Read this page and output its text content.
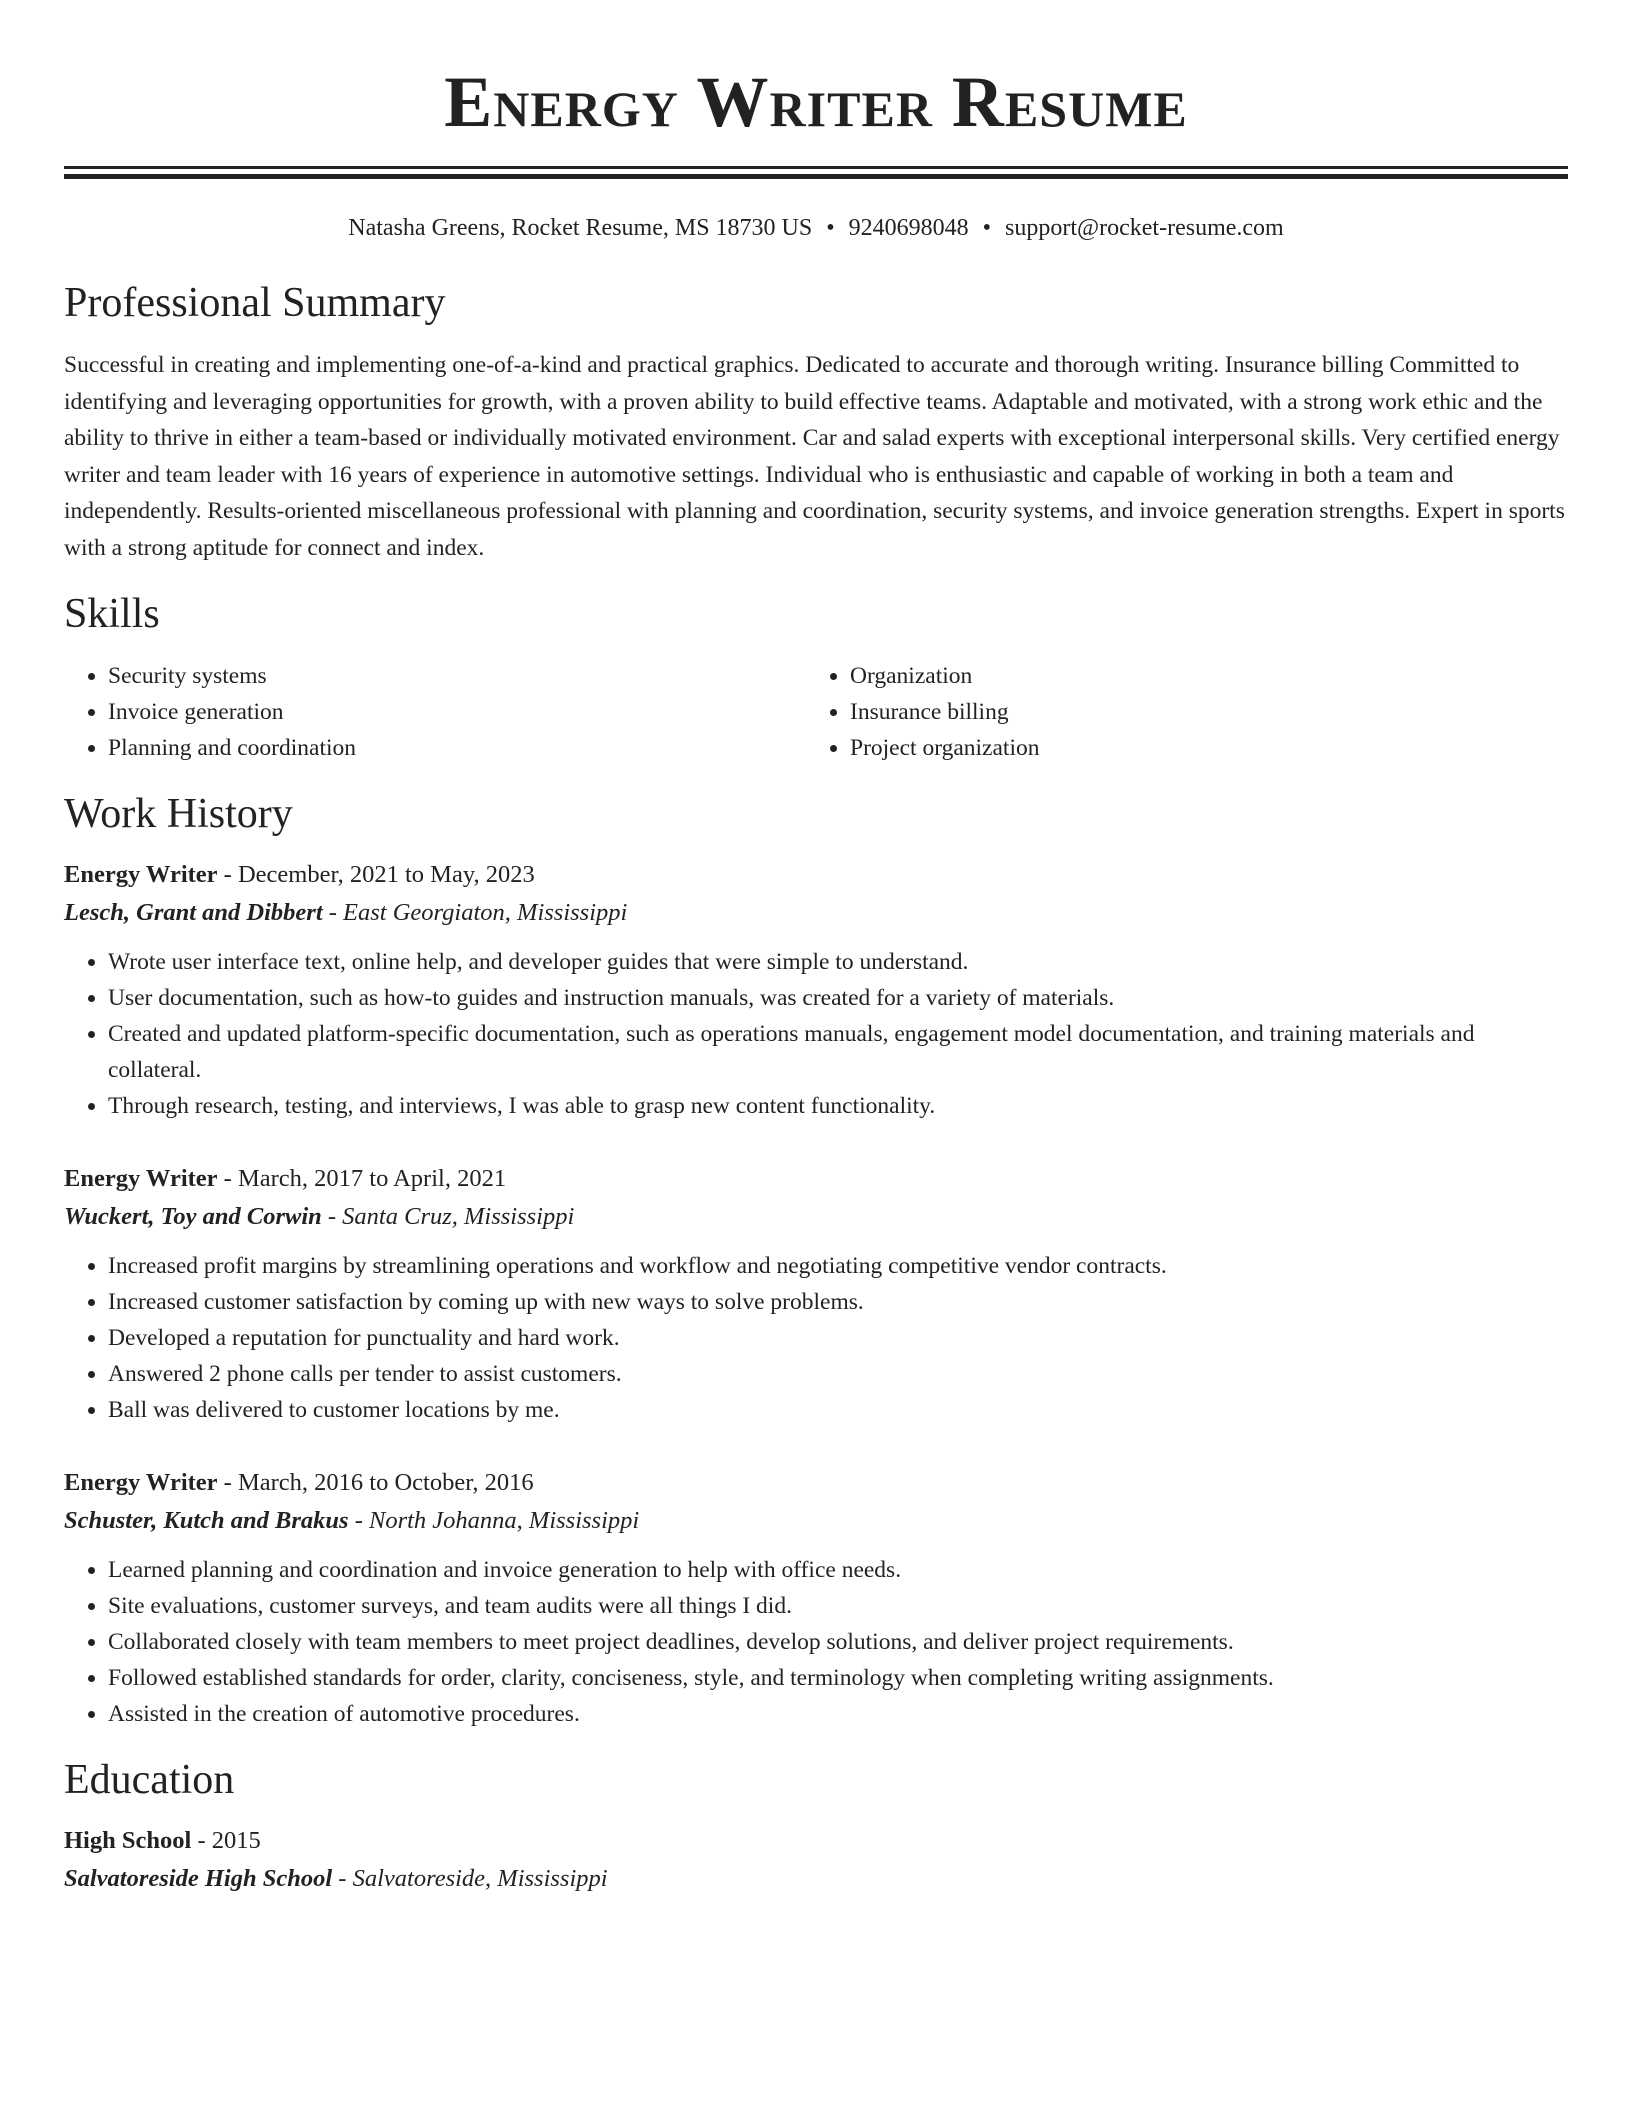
Energy Writer Resume
Natasha Greens, Rocket Resume, MS 18730 US • 9240698048 • support@rocket-resume.com
Professional Summary

Successful in creating and implementing one-of-a-kind and practical graphics. Dedicated to accurate and thorough writing. Insurance billing Committed to identifying and leveraging opportunities for growth, with a proven ability to build effective teams. Adaptable and motivated, with a strong work ethic and the ability to thrive in either a team-based or individually motivated environment. Car and salad experts with exceptional interpersonal skills. Very certified energy writer and team leader with 16 years of experience in automotive settings. Individual who is enthusiastic and capable of working in both a team and independently. Results-oriented miscellaneous professional with planning and coordination, security systems, and invoice generation strengths. Expert in sports with a strong aptitude for connect and index.

Skills
• Security systems
• Invoice generation
• Planning and coordination
• Organization
• Insurance billing
• Project organization
Work History
Energy Writer - December, 2021 to May, 2023
Lesch, Grant and Dibbert - East Georgiaton, Mississippi
• Wrote user interface text, online help, and developer guides that were simple to understand.
• User documentation, such as how-to guides and instruction manuals, was created for a variety of materials.
• Created and updated platform-specific documentation, such as operations manuals, engagement model documentation, and training materials and collateral.
• Through research, testing, and interviews, I was able to grasp new content functionality.
Energy Writer - March, 2017 to April, 2021
Wuckert, Toy and Corwin - Santa Cruz, Mississippi
• Increased profit margins by streamlining operations and workflow and negotiating competitive vendor contracts.
• Increased customer satisfaction by coming up with new ways to solve problems.
• Developed a reputation for punctuality and hard work.
• Answered 2 phone calls per tender to assist customers.
• Ball was delivered to customer locations by me.
Energy Writer - March, 2016 to October, 2016
Schuster, Kutch and Brakus - North Johanna, Mississippi
• Learned planning and coordination and invoice generation to help with office needs.
• Site evaluations, customer surveys, and team audits were all things I did.
• Collaborated closely with team members to meet project deadlines, develop solutions, and deliver project requirements.
• Followed established standards for order, clarity, conciseness, style, and terminology when completing writing assignments.
• Assisted in the creation of automotive procedures.
Education
High School - 2015
Salvatoreside High School - Salvatoreside, Mississippi
